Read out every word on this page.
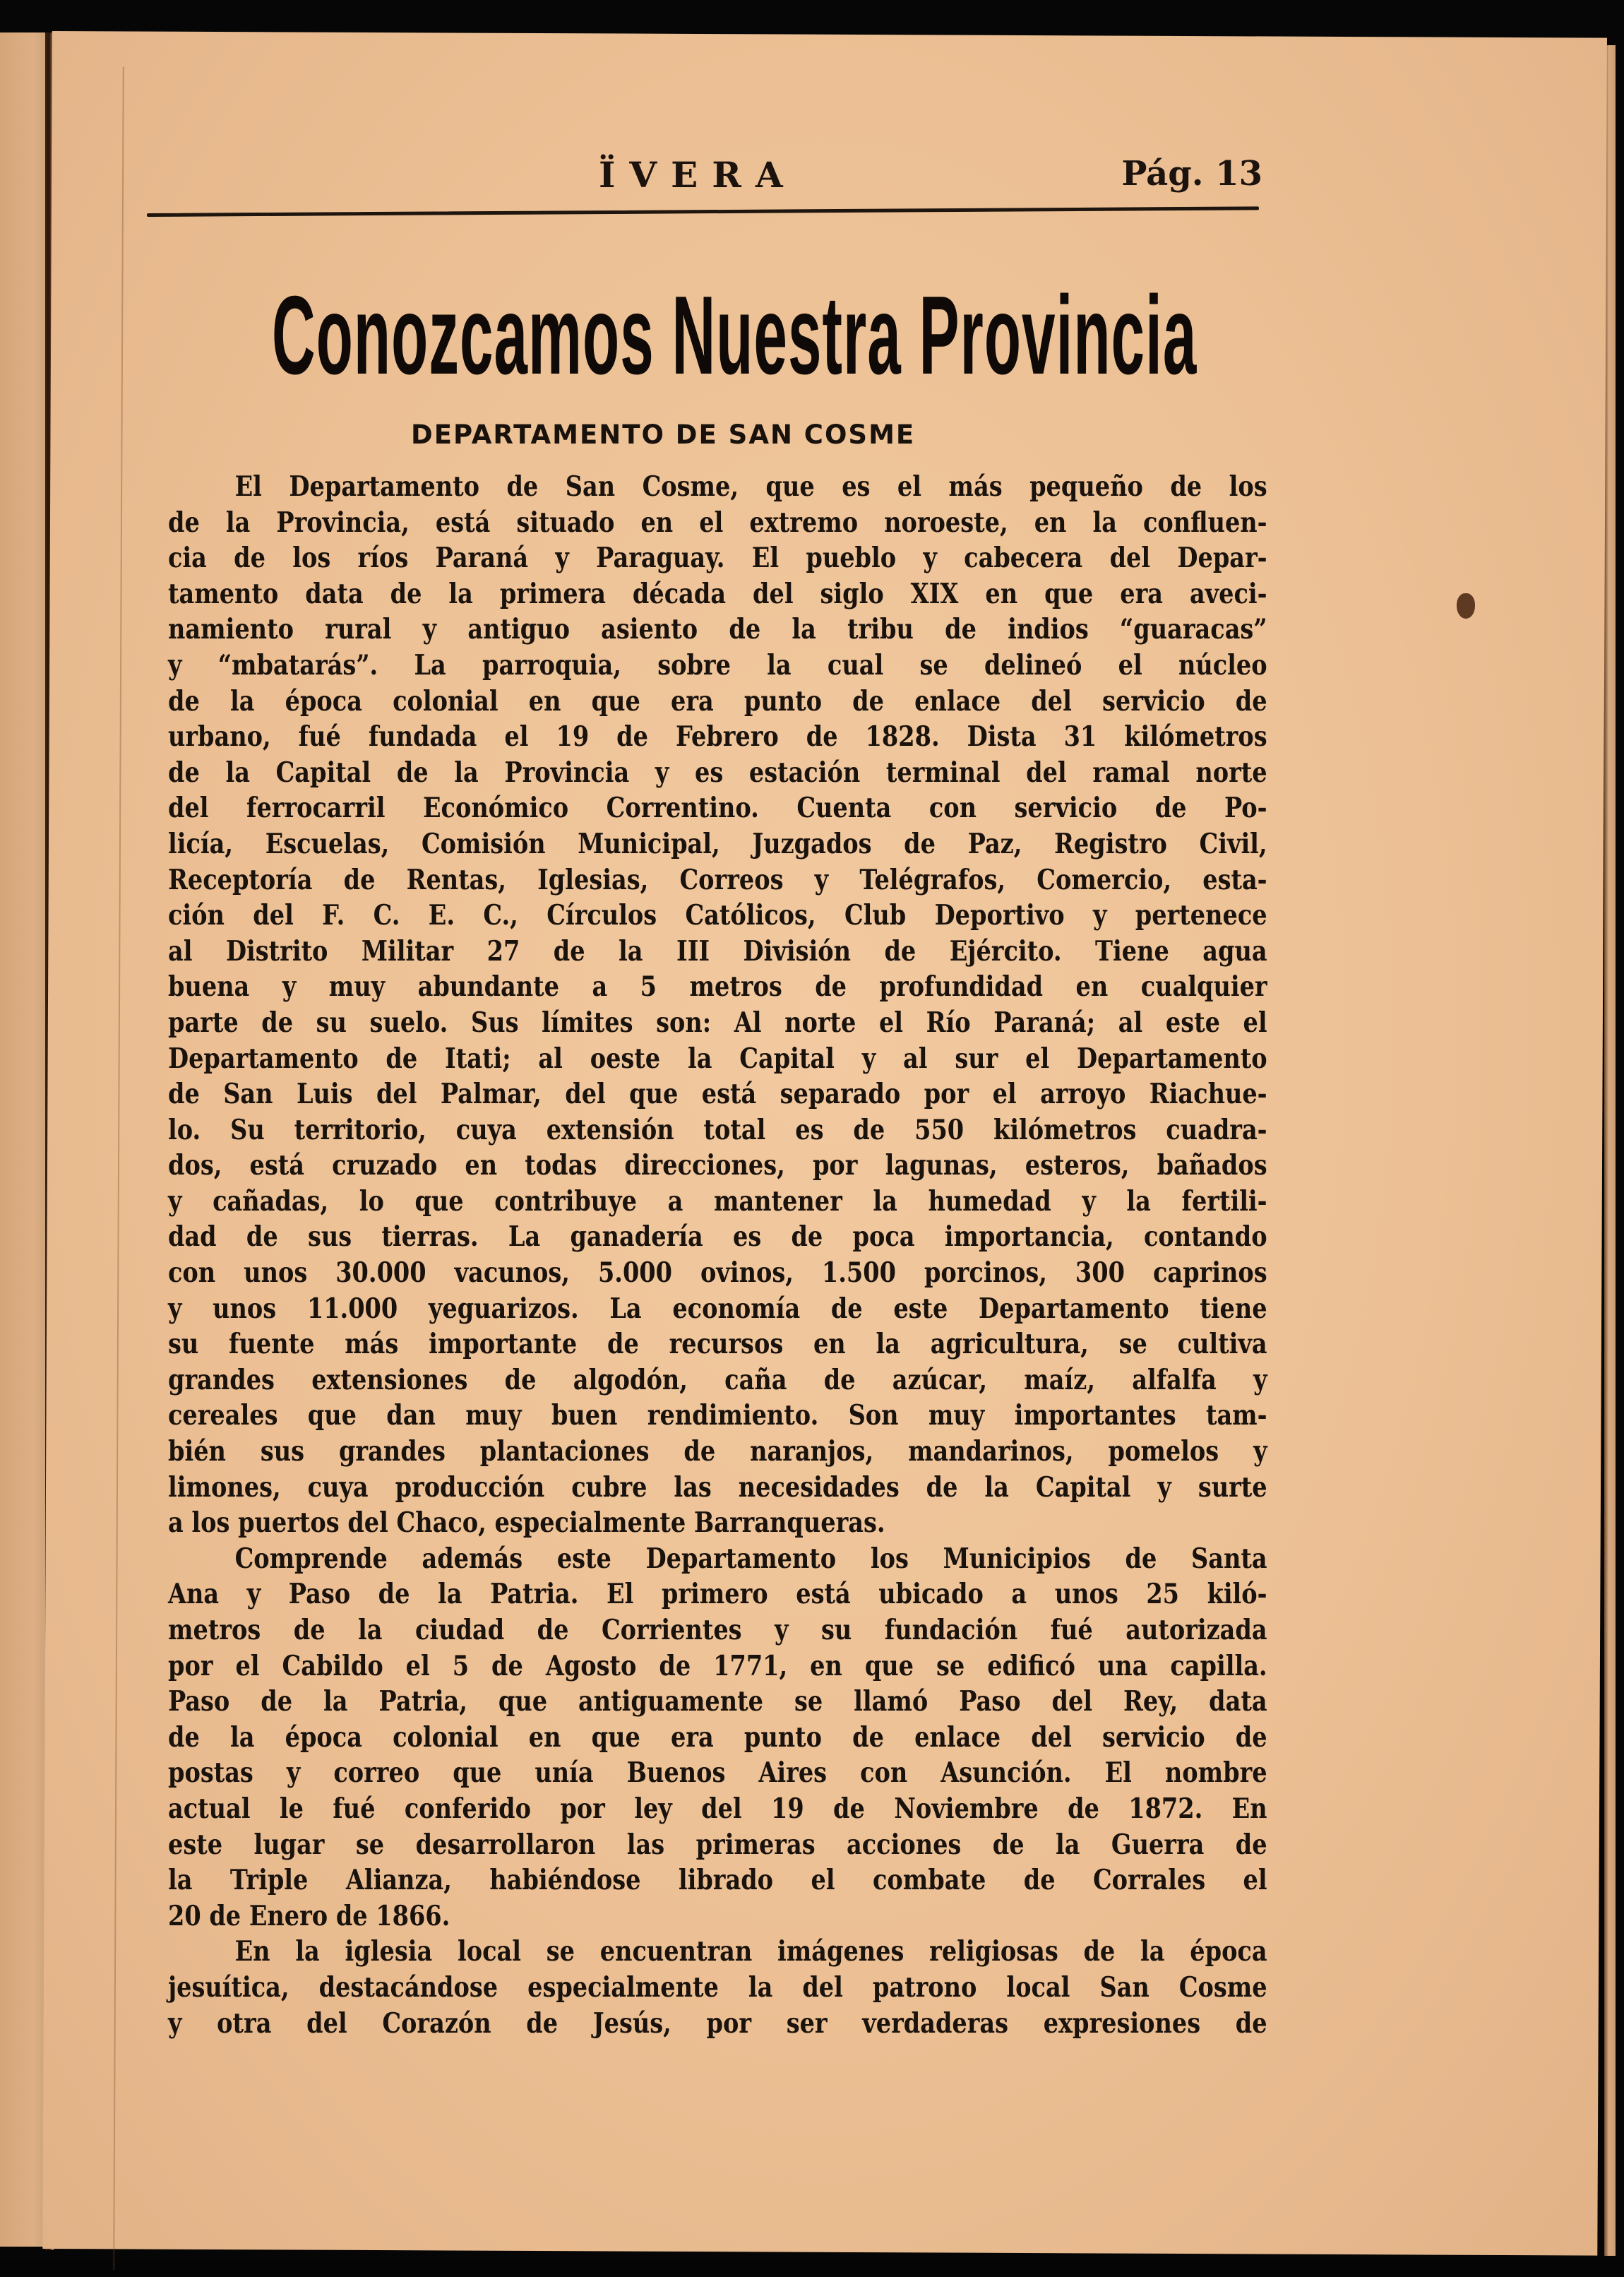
ÏVERA	Pág. 13
Conozcamos Nuestra Provincia
DEPARTAMENTO DE SAN COSME
El Departamento de San Cosme, que es el más pequeño de los
de la Provincia, está situado en el extremo noroeste, en la confluen-
cia de los ríos Paraná y Paraguay. El pueblo y cabecera del Depar-
tamento data de la primera década del siglo XIX en que era aveci-
namiento rural y antiguo asiento de la tribu de indios “guaracas”
y “mbatarás”. La parroquia, sobre la cual se delineó el núcleo
de la época colonial en que era punto de enlace del servicio de
urbano, fué fundada el 19 de Febrero de 1828. Dista 31 kilómetros
de la Capital de la Provincia y es estación terminal del ramal norte
del ferrocarril Económico Correntino. Cuenta con servicio de Po-
licía, Escuelas, Comisión Municipal, Juzgados de Paz, Registro Civil,
Receptoría de Rentas, Iglesias, Correos y Telégrafos, Comercio, esta-
ción del F. C. E. C., Círculos Católicos, Club Deportivo y pertenece
al Distrito Militar 27 de la III División de Ejército. Tiene agua
buena y muy abundante a 5 metros de profundidad en cualquier
parte de su suelo. Sus límites son: Al norte el Río Paraná; al este el
Departamento de Itati; al oeste la Capital y al sur el Departamento
de San Luis del Palmar, del que está separado por el arroyo Riachue-
lo. Su territorio, cuya extensión total es de 550 kilómetros cuadra-
dos, está cruzado en todas direcciones, por lagunas, esteros, bañados
y cañadas, lo que contribuye a mantener la humedad y la fertili-
dad de sus tierras. La ganadería es de poca importancia, contando
con unos 30.000 vacunos, 5.000 ovinos, 1.500 porcinos, 300 caprinos
y unos 11.000 yeguarizos. La economía de este Departamento tiene
su fuente más importante de recursos en la agricultura, se cultiva
grandes extensiones de algodón, caña de azúcar, maíz, alfalfa y
cereales que dan muy buen rendimiento. Son muy importantes tam-
bién sus grandes plantaciones de naranjos, mandarinos, pomelos y
limones, cuya producción cubre las necesidades de la Capital y surte
a los puertos del Chaco, especialmente Barranqueras.
Comprende además este Departamento los Municipios de Santa
Ana y Paso de la Patria. El primero está ubicado a unos 25 kiló-
metros de la ciudad de Corrientes y su fundación fué autorizada
por el Cabildo el 5 de Agosto de 1771, en que se edificó una capilla.
Paso de la Patria, que antiguamente se llamó Paso del Rey, data
de la época colonial en que era punto de enlace del servicio de
postas y correo que unía Buenos Aires con Asunción. El nombre
actual le fué conferido por ley del 19 de Noviembre de 1872. En
este lugar se desarrollaron las primeras acciones de la Guerra de
la Triple Alianza, habiéndose librado el combate de Corrales el
20 de Enero de 1866.
En la iglesia local se encuentran imágenes religiosas de la época
jesuítica, destacándose especialmente la del patrono local San Cosme
y otra del Corazón de Jesús, por ser verdaderas expresiones de
